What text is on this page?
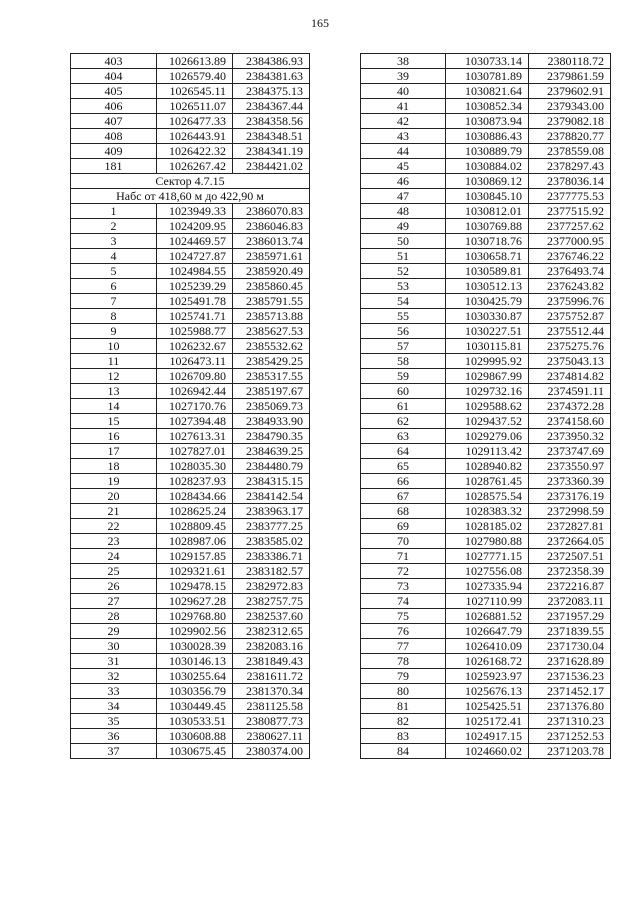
165
403	1026613.89	2384386.93
404	1026579.40	2384381.63
405	1026545.11	2384375.13
406	1026511.07	2384367.44
407	1026477.33	2384358.56
408	1026443.91	2384348.51
409	1026422.32	2384341.19
181	1026267.42	2384421.02
Сектор 4.7.15		
Набс от 418,60 м до 422,90 м		
1	1023949.33	2386070.83
2	1024209.95	2386046.83
3	1024469.57	2386013.74
4	1024727.87	2385971.61
5	1024984.55	2385920.49
6	1025239.29	2385860.45
7	1025491.78	2385791.55
8	1025741.71	2385713.88
9	1025988.77	2385627.53
10	1026232.67	2385532.62
11	1026473.11	2385429.25
12	1026709.80	2385317.55
13	1026942.44	2385197.67
14	1027170.76	2385069.73
15	1027394.48	2384933.90
16	1027613.31	2384790.35
17	1027827.01	2384639.25
18	1028035.30	2384480.79
19	1028237.93	2384315.15
20	1028434.66	2384142.54
21	1028625.24	2383963.17
22	1028809.45	2383777.25
23	1028987.06	2383585.02
24	1029157.85	2383386.71
25	1029321.61	2383182.57
26	1029478.15	2382972.83
27	1029627.28	2382757.75
28	1029768.80	2382537.60
29	1029902.56	2382312.65
30	1030028.39	2382083.16
31	1030146.13	2381849.43
32	1030255.64	2381611.72
33	1030356.79	2381370.34
34	1030449.45	2381125.58
35	1030533.51	2380877.73
36	1030608.88	2380627.11
37	1030675.45	2380374.00
38	1030733.14	2380118.72
39	1030781.89	2379861.59
40	1030821.64	2379602.91
41	1030852.34	2379343.00
42	1030873.94	2379082.18
43	1030886.43	2378820.77
44	1030889.79	2378559.08
45	1030884.02	2378297.43
46	1030869.12	2378036.14
47	1030845.10	2377775.53
48	1030812.01	2377515.92
49	1030769.88	2377257.62
50	1030718.76	2377000.95
51	1030658.71	2376746.22
52	1030589.81	2376493.74
53	1030512.13	2376243.82
54	1030425.79	2375996.76
55	1030330.87	2375752.87
56	1030227.51	2375512.44
57	1030115.81	2375275.76
58	1029995.92	2375043.13
59	1029867.99	2374814.82
60	1029732.16	2374591.11
61	1029588.62	2374372.28
62	1029437.52	2374158.60
63	1029279.06	2373950.32
64	1029113.42	2373747.69
65	1028940.82	2373550.97
66	1028761.45	2373360.39
67	1028575.54	2373176.19
68	1028383.32	2372998.59
69	1028185.02	2372827.81
70	1027980.88	2372664.05
71	1027771.15	2372507.51
72	1027556.08	2372358.39
73	1027335.94	2372216.87
74	1027110.99	2372083.11
75	1026881.52	2371957.29
76	1026647.79	2371839.55
77	1026410.09	2371730.04
78	1026168.72	2371628.89
79	1025923.97	2371536.23
80	1025676.13	2371452.17
81	1025425.51	2371376.80
82	1025172.41	2371310.23
83	1024917.15	2371252.53
84	1024660.02	2371203.78
